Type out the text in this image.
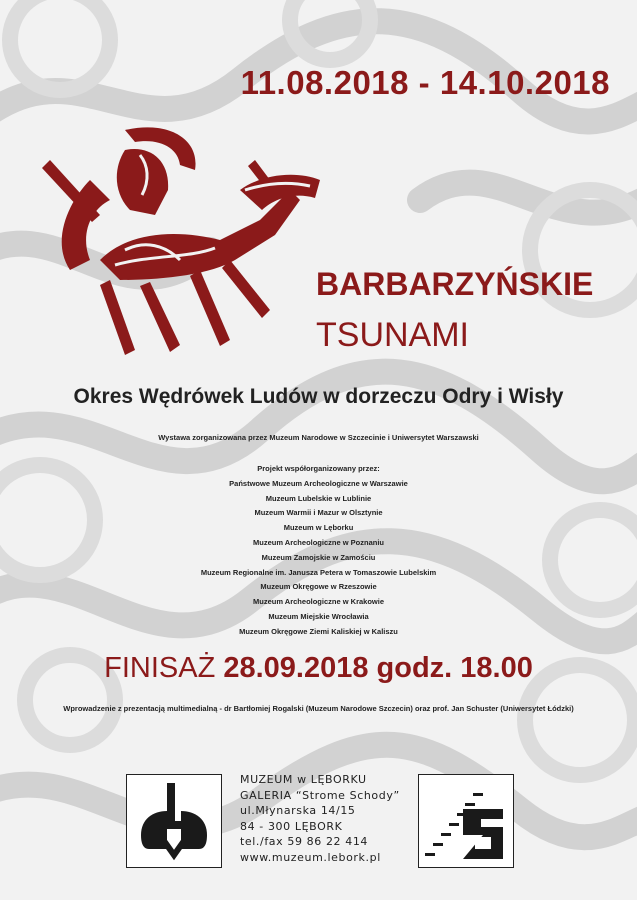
11.08.2018 - 14.10.2018
BARBARZYŃSKIE
TSUNAMI
Okres Wędrówek Ludów w dorzeczu Odry i Wisły
Wystawa zorganizowana przez Muzeum Narodowe w Szczecinie i Uniwersytet Warszawski
Projekt współorganizowany przez:
Państwowe Muzeum Archeologiczne w Warszawie
Muzeum Lubelskie w Lublinie
Muzeum Warmii i Mazur w Olsztynie
Muzeum w Lęborku
Muzeum Archeologiczne w Poznaniu
Muzeum Zamojskie w Zamościu
Muzeum Regionalne im. Janusza Petera w Tomaszowie Lubelskim
Muzeum Okręgowe w Rzeszowie
Muzeum Archeologiczne w Krakowie
Muzeum Miejskie Wrocławia
Muzeum Okręgowe Ziemi Kaliskiej w Kaliszu
FINISAŻ 28.09.2018 godz. 18.00
Wprowadzenie z prezentacją multimedialną - dr Bartłomiej Rogalski (Muzeum Narodowe Szczecin) oraz prof. Jan Schuster (Uniwersytet Łódzki)
MUZEUM w LĘBORKU
GALERIA “Strome Schody”
ul.Młynarska 14/15
84 - 300 LĘBORK
tel./fax 59 86 22 414
www.muzeum.lebork.pl
